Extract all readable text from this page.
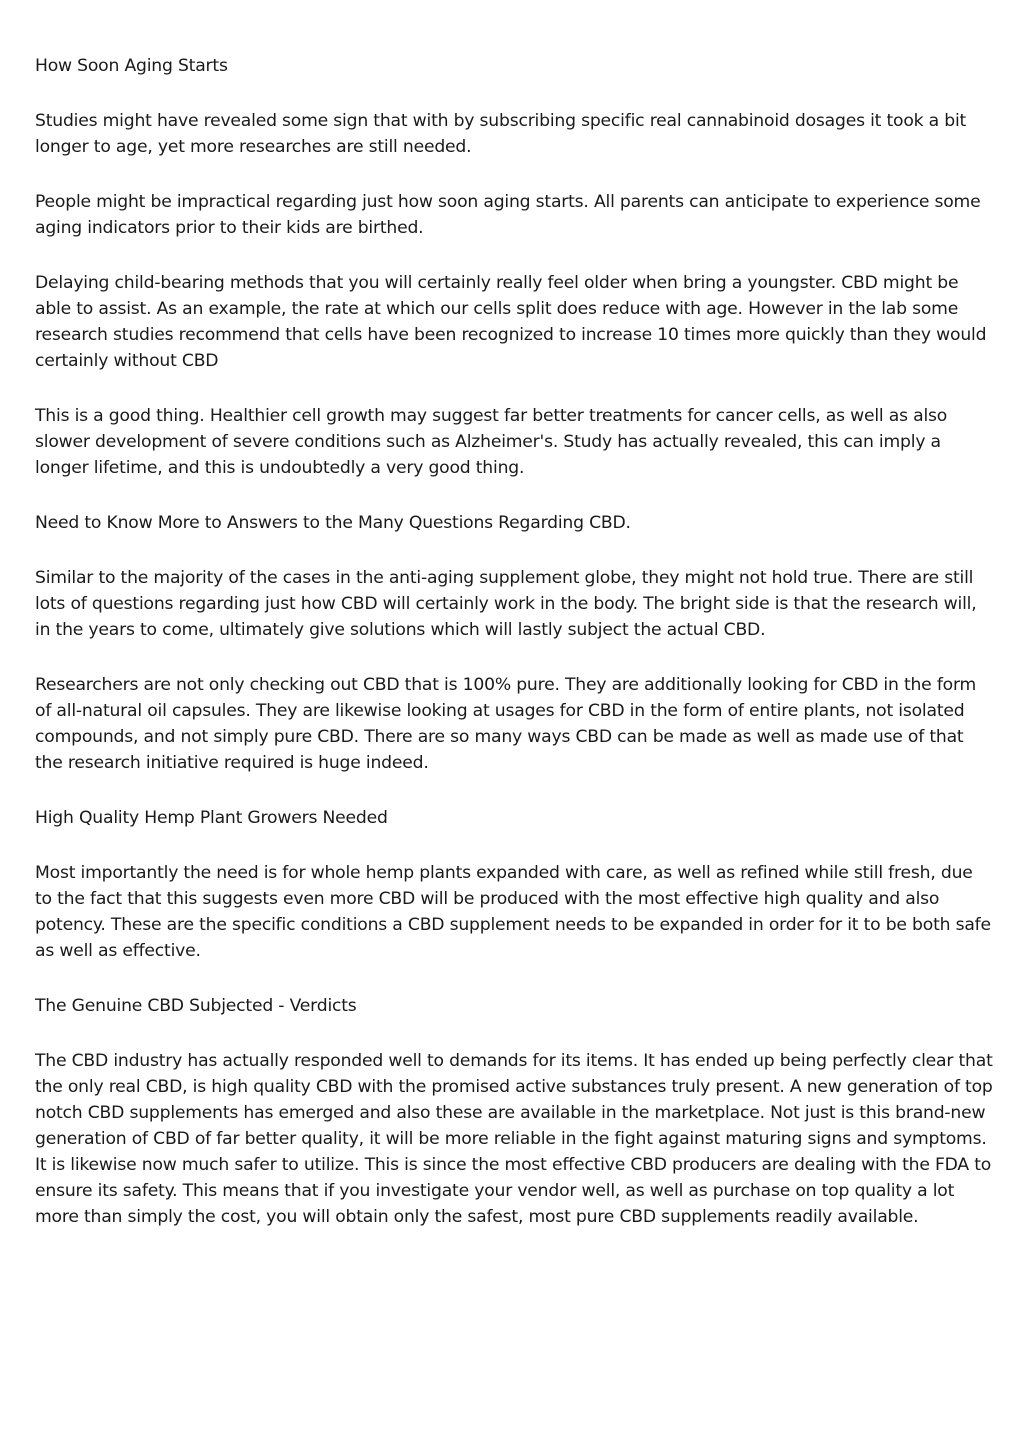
How Soon Aging Starts

Studies might have revealed some sign that with by subscribing specific real cannabinoid dosages it took a bit longer to age, yet more researches are still needed.

People might be impractical regarding just how soon aging starts. All parents can anticipate to experience some aging indicators prior to their kids are birthed.

Delaying child-bearing methods that you will certainly really feel older when bring a youngster. CBD might be able to assist. As an example, the rate at which our cells split does reduce with age. However in the lab some research studies recommend that cells have been recognized to increase 10 times more quickly than they would certainly without CBD

This is a good thing. Healthier cell growth may suggest far better treatments for cancer cells, as well as also slower development of severe conditions such as Alzheimer's. Study has actually revealed, this can imply a longer lifetime, and this is undoubtedly a very good thing.

Need to Know More to Answers to the Many Questions Regarding CBD.

Similar to the majority of the cases in the anti-aging supplement globe, they might not hold true. There are still lots of questions regarding just how CBD will certainly work in the body. The bright side is that the research will, in the years to come, ultimately give solutions which will lastly subject the actual CBD.

Researchers are not only checking out CBD that is 100% pure. They are additionally looking for CBD in the form of all-natural oil capsules. They are likewise looking at usages for CBD in the form of entire plants, not isolated compounds, and not simply pure CBD. There are so many ways CBD can be made as well as made use of that the research initiative required is huge indeed.

High Quality Hemp Plant Growers Needed

Most importantly the need is for whole hemp plants expanded with care, as well as refined while still fresh, due to the fact that this suggests even more CBD will be produced with the most effective high quality and also potency. These are the specific conditions a CBD supplement needs to be expanded in order for it to be both safe as well as effective.

The Genuine CBD Subjected - Verdicts

The CBD industry has actually responded well to demands for its items. It has ended up being perfectly clear that the only real CBD, is high quality CBD with the promised active substances truly present. A new generation of top notch CBD supplements has emerged and also these are available in the marketplace. Not just is this brand-new generation of CBD of far better quality, it will be more reliable in the fight against maturing signs and symptoms. It is likewise now much safer to utilize. This is since the most effective CBD producers are dealing with the FDA to ensure its safety. This means that if you investigate your vendor well, as well as purchase on top quality a lot more than simply the cost, you will obtain only the safest, most pure CBD supplements readily available.
